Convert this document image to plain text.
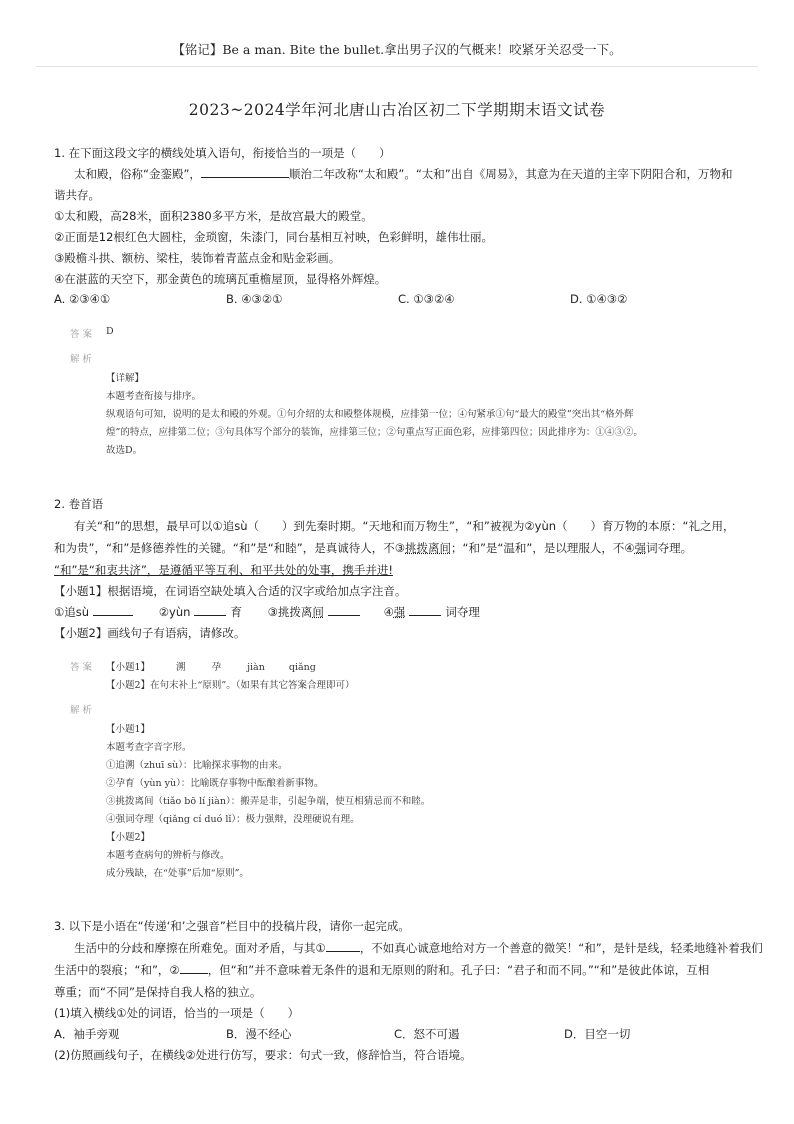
【铭记】Be a man. Bite the bullet.拿出男子汉的气概来！咬紧牙关忍受一下。
2023~2024学年河北唐山古冶区初二下学期期末语文试卷
1. 在下面这段文字的横线处填入语句，衔接恰当的一项是（　　）
太和殿，俗称“金銮殿”，	顺治二年改称“太和殿”。“太和”出自《周易》，其意为在天道的主宰下阴阳合和，万物和
谐共存。
①太和殿，高28米，面积2380多平方米，是故宫最大的殿堂。
②正面是12根红色大圆柱，金琐窗，朱漆门，同台基相互衬映，色彩鲜明，雄伟壮丽。
③殿檐斗拱、额枋、梁柱，装饰着青蓝点金和贴金彩画。
④在湛蓝的天空下，那金黄色的琉璃瓦重檐屋顶，显得格外辉煌。
A. ②③④①	B. ④③②①	C. ①③②④	D. ①④③②
答 案 D
解 析
【详解】
本题考查衔接与排序。
纵观语句可知，说明的是太和殿的外观。①句介绍的太和殿整体规模，应排第一位；④句紧承①句“最大的殿堂”突出其“格外辉
煌”的特点，应排第二位；③句具体写个部分的装饰，应排第三位；②句重点写正面色彩，应排第四位；因此排序为：①④③②。
故选D。
2. 卷首语
有关“和”的思想，最早可以①追sù（　　）到先秦时期。“天地和而万物生”，“和”被视为②yùn（　　）育万物的本原：“礼之用，
和为贵”，“和”是修德养性的关键。“和”是“和睦”，是真诚待人，不③挑拨离间；“和”是“温和”，是以理服人，不④强词夺理。
“和”是“和衷共济”，是遵循平等互利、和平共处的处事，携手并进!
【小题1】根据语境，在词语空缺处填入合适的汉字或给加点字注音。
①追sù	②yùn	育 ③挑拨离间	④强	词夺理
【小题2】画线句子有语病，请修改。
答 案 【小题1】	溯	孕	jiàn	qiǎng
【小题2】在句末补上“原则”。（如果有其它答案合理即可）
解 析
【小题1】
本题考查字音字形。
①追溯（zhuī sù）：比喻探求事物的由来。
②孕育（yùn yù）：比喻既存事物中酝酿着新事物。
③挑拨离间（tiǎo bō lí jiàn）：搬弄是非，引起争端，使互相猜忌而不和睦。
④强词夺理（qiǎng cí duó lǐ）：极力强辩，没理硬说有理。
【小题2】
本题考查病句的辨析与修改。
成分残缺，在“处事”后加“原则”。
3. 以下是小语在“传递‘和’之强音”栏目中的投稿片段，请你一起完成。
生活中的分歧和摩擦在所难免。面对矛盾，与其①	，不如真心诚意地给对方一个善意的微笑！“和”，是针是线，轻柔地缝补着我们
生活中的裂痕；“和”，② ，但“和”并不意味着无条件的退和无原则的附和。孔子曰：“君子和而不同。”“和”是彼此体谅，互相
尊重；而“不同”是保持自我人格的独立。
(1)填入横线①处的词语，恰当的一项是（　　）
A．袖手旁观	B．漫不经心	C．怒不可遏	D．目空一切
(2)仿照画线句子，在横线②处进行仿写，要求：句式一致，修辞恰当，符合语境。
